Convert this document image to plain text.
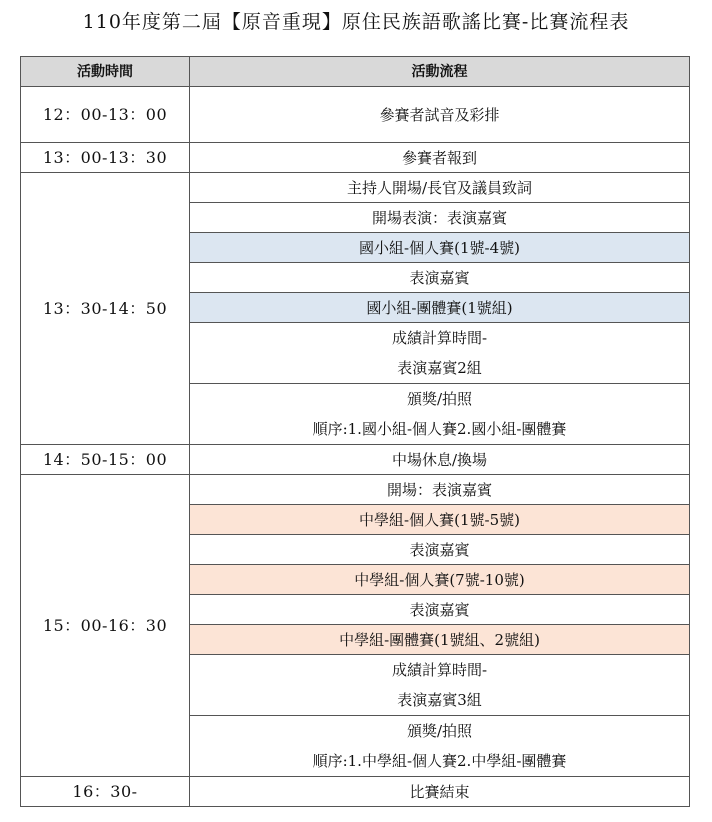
110年度第二屆【原音重現】原住民族語歌謠比賽-比賽流程表
活動時間	活動流程
12：00-13：00	參賽者試音及彩排

13：00-13：30	參賽者報到

13：30-14：50	主持人開場/長官及議員致詞

	開場表演：表演嘉賓

	國小組-個人賽(1號-4號)

	表演嘉賓

	國小組-團體賽(1號組)

	成績計算時間-
表演嘉賓2組

	頒獎/拍照
順序:1.國小組-個人賽2.國小組-團體賽

14：50-15：00	中場休息/換場

15：00-16：30	開場：表演嘉賓

	中學組-個人賽(1號-5號)

	表演嘉賓

	中學組-個人賽(7號-10號)

	表演嘉賓

	中學組-團體賽(1號組、2號組)

	成績計算時間-
表演嘉賓3組

	頒獎/拍照
順序:1.中學組-個人賽2.中學組-團體賽

16：30-	比賽結束
